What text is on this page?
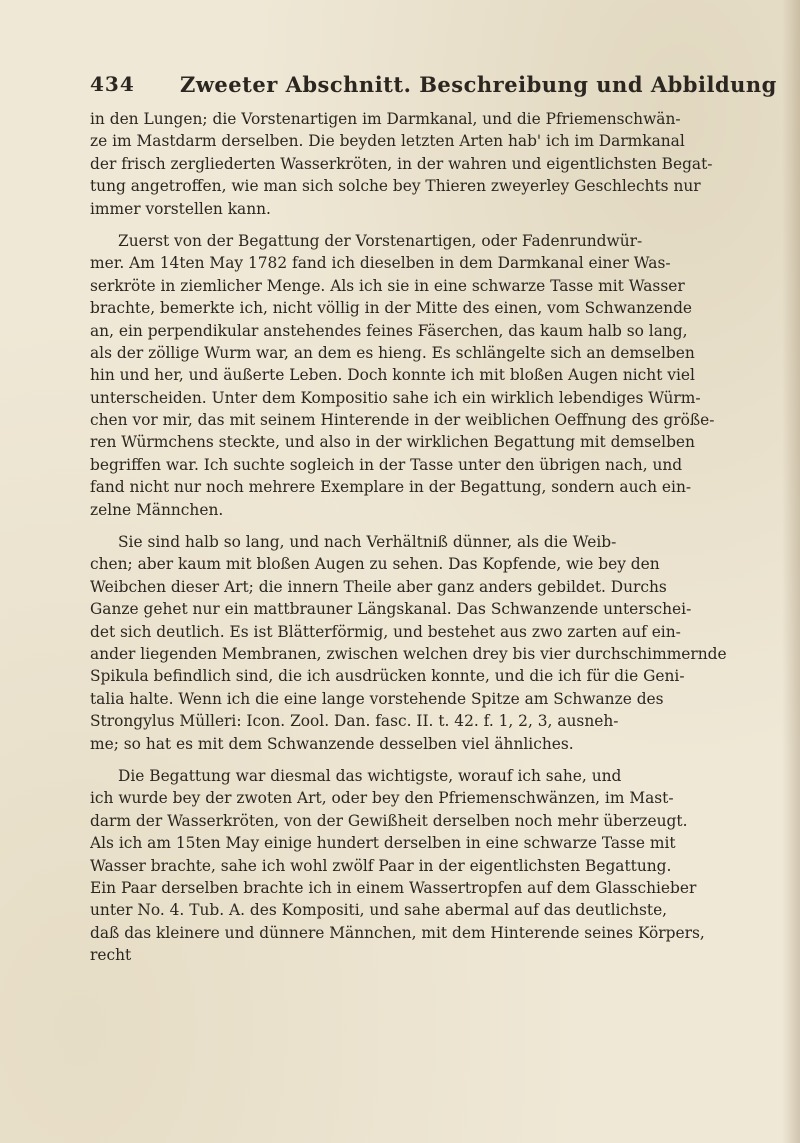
434 Zweeter Abschnitt. Beschreibung und Abbildung
in den Lungen; die Vorstenartigen im Darmkanal, und die Pfriemenschwän-
ze im Mastdarm derselben. Die beyden letzten Arten hab' ich im Darmkanal
der frisch zergliederten Wasserkröten, in der wahren und eigentlichsten Begat-
tung angetroffen, wie man sich solche bey Thieren zweyerley Geschlechts nur
immer vorstellen kann.
Zuerst von der Begattung der Vorstenartigen, oder Fadenrundwür-
mer. Am 14ten May 1782 fand ich dieselben in dem Darmkanal einer Was-
serkröte in ziemlicher Menge. Als ich sie in eine schwarze Tasse mit Wasser
brachte, bemerkte ich, nicht völlig in der Mitte des einen, vom Schwanzende
an, ein perpendikular anstehendes feines Fäserchen, das kaum halb so lang,
als der zöllige Wurm war, an dem es hieng. Es schlängelte sich an demselben
hin und her, und äußerte Leben. Doch konnte ich mit bloßen Augen nicht viel
unterscheiden. Unter dem Kompositio sahe ich ein wirklich lebendiges Würm-
chen vor mir, das mit seinem Hinterende in der weiblichen Oeffnung des größe-
ren Würmchens steckte, und also in der wirklichen Begattung mit demselben
begriffen war. Ich suchte sogleich in der Tasse unter den übrigen nach, und
fand nicht nur noch mehrere Exemplare in der Begattung, sondern auch ein-
zelne Männchen.
Sie sind halb so lang, und nach Verhältniß dünner, als die Weib-
chen; aber kaum mit bloßen Augen zu sehen. Das Kopfende, wie bey den
Weibchen dieser Art; die innern Theile aber ganz anders gebildet. Durchs
Ganze gehet nur ein mattbrauner Längskanal. Das Schwanzende unterschei-
det sich deutlich. Es ist Blätterförmig, und bestehet aus zwo zarten auf ein-
ander liegenden Membranen, zwischen welchen drey bis vier durchschimmernde
Spikula befindlich sind, die ich ausdrücken konnte, und die ich für die Geni-
talia halte. Wenn ich die eine lange vorstehende Spitze am Schwanze des
Strongylus Mülleri: Icon. Zool. Dan. fasc. II. t. 42. f. 1, 2, 3, ausneh-
me; so hat es mit dem Schwanzende desselben viel ähnliches.
Die Begattung war diesmal das wichtigste, worauf ich sahe, und
ich wurde bey der zwoten Art, oder bey den Pfriemenschwänzen, im Mast-
darm der Wasserkröten, von der Gewißheit derselben noch mehr überzeugt.
Als ich am 15ten May einige hundert derselben in eine schwarze Tasse mit
Wasser brachte, sahe ich wohl zwölf Paar in der eigentlichsten Begattung.
Ein Paar derselben brachte ich in einem Wassertropfen auf dem Glasschieber
unter No. 4. Tub. A. des Kompositi, und sahe abermal auf das deutlichste,
daß das kleinere und dünnere Männchen, mit dem Hinterende seines Körpers,
recht
